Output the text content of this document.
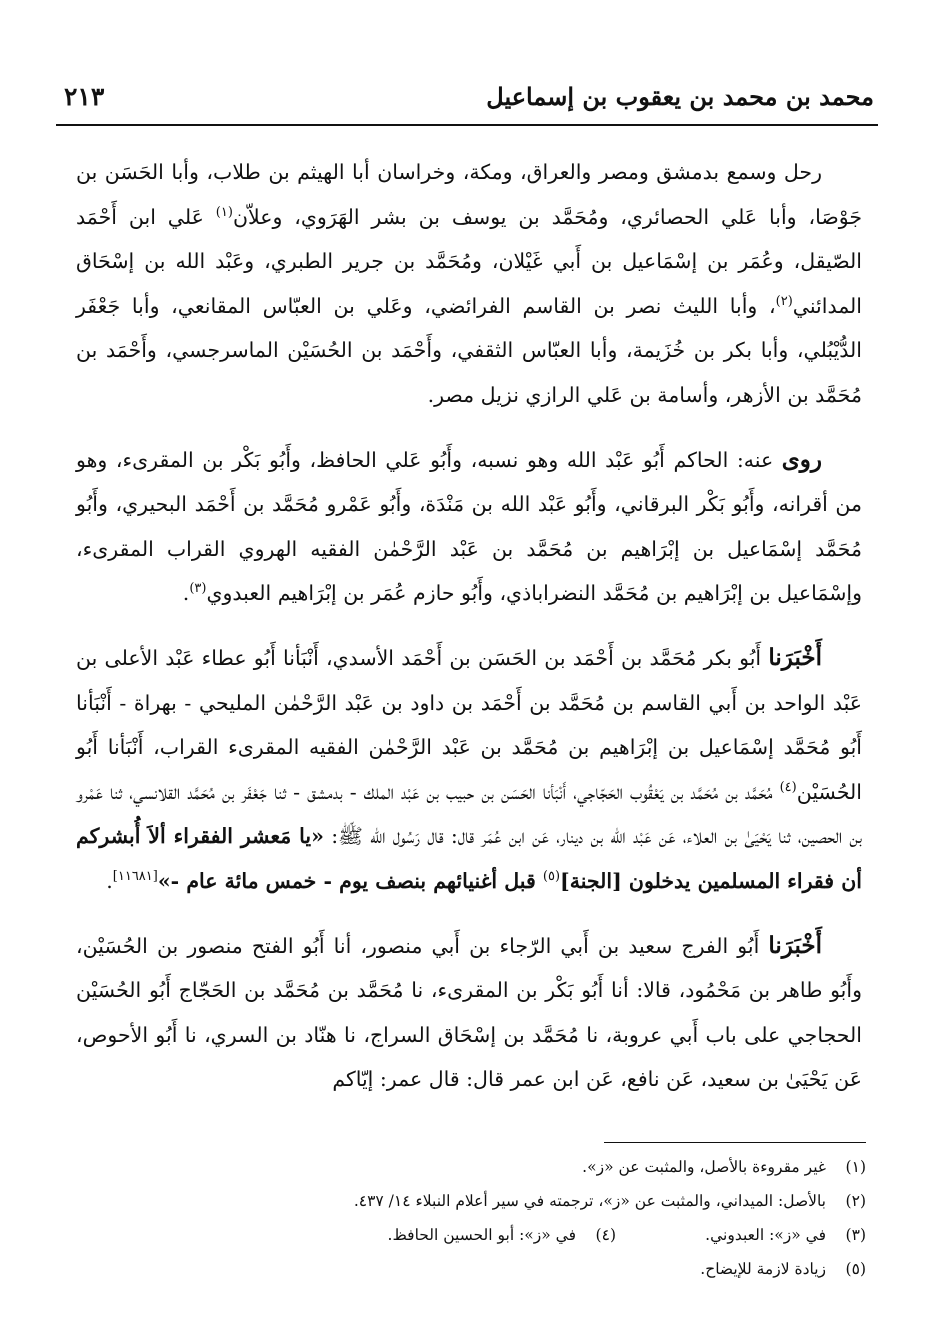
محمد بن محمد بن يعقوب بن إسماعيل
٢١٣

رحل وسمع بدمشق ومصر والعراق، ومكة، وخراسان أبا الهيثم بن طلاب، وأبا الحَسَن بن جَوْصَا، وأبا عَلي الحصائري، ومُحَمَّد بن يوسف بن بشر الهَرَوي، وعلاّن$^{(١)}$ عَلي ابن أَحْمَد الصّيقل، وعُمَر بن إسْمَاعيل بن أَبي غَيْلان، ومُحَمَّد بن جرير الطبري، وعَبْد الله بن إسْحَاق المدائني$^{(٢)}$، وأبا الليث نصر بن القاسم الفرائضي، وعَلي بن العبّاس المقانعي، وأبا جَعْفَر الدُّيْبُلي، وأبا بكر بن خُزَيمة، وأبا العبّاس الثقفي، وأَحْمَد بن الحُسَيْن الماسرجسي، وأَحْمَد بن مُحَمَّد بن الأزهر، وأسامة بن عَلي الرازي نزيل مصر.

روى عنه: الحاكم أَبُو عَبْد الله وهو نسبه، وأَبُو عَلي الحافظ، وأَبُو بَكْر بن المقرىء، وهو من أقرانه، وأَبُو بَكْر البرقاني، وأَبُو عَبْد الله بن مَنْدَة، وأَبُو عَمْرو مُحَمَّد بن أَحْمَد البحيري، وأَبُو مُحَمَّد إسْمَاعيل بن إبْرَاهيم بن مُحَمَّد بن عَبْد الرَّحْمٰن الفقيه الهروي القراب المقرىء، وإسْمَاعيل بن إبْرَاهيم بن مُحَمَّد النضراباذي، وأَبُو حازم عُمَر بن إبْرَاهيم العبدوي$^{(٣)}$.

أَخْبَرَنا أَبُو بكر مُحَمَّد بن أَحْمَد بن الحَسَن بن أَحْمَد الأسدي، أَنْبَأنا أَبُو عطاء عَبْد الأعلى بن عَبْد الواحد بن أَبي القاسم بن مُحَمَّد بن أَحْمَد بن داود بن عَبْد الرَّحْمٰن المليحي - بهراة - أَنْبَأنا أَبُو مُحَمَّد إسْمَاعيل بن إبْرَاهيم بن مُحَمَّد بن عَبْد الرَّحْمٰن الفقيه المقرىء القراب، أَنْبَأنا أَبُو الحُسَيْن$^{(٤)}$ مُحَمَّد بن مُحَمَّد بن يَعْقُوب الحَجّاجي، أَنْبَأنا الحَسَن بن حبيب بن عَبْد الملك - بدمشق - ثنا جَعْفَر بن مُحَمَّد القلانسي، ثنا عَمْرو بن الحصين، ثنا يَحْيَىٰ بن العلاء، عَن عَبْد الله بن دينار، عَن ابن عُمَر قال: قال رَسُول الله ﷺ: «يا مَعشر الفقراء ألاَ أُبشركم أن فقراء المسلمين يدخلون [الجنة]$^{(٥)}$ قبل أغنيائهم بنصف يوم - خمس مائة عام -»[١١٦٨١].

أَخْبَرَنا أَبُو الفرج سعيد بن أَبي الرّجاء بن أَبي منصور، أنا أَبُو الفتح منصور بن الحُسَيْن، وأَبُو طاهر بن مَحْمُود، قالا: أنا أَبُو بَكْر بن المقرىء، نا مُحَمَّد بن مُحَمَّد بن الحَجّاج أَبُو الحُسَيْن الحجاجي على باب أَبي عروبة، نا مُحَمَّد بن إسْحَاق السراج، نا هنّاد بن السري، نا أَبُو الأحوص، عَن يَحْيَىٰ بن سعيد، عَن نافع، عَن ابن عمر قال: قال عمر: إيّاكم

(١)
غير مقروءة بالأصل، والمثبت عن «ز».
(٢)
بالأصل: الميداني، والمثبت عن «ز»، ترجمته في سير أعلام النبلاء ١٤/ ٤٣٧.
(٣)
في «ز»: العبدوني.
(٤)
في «ز»: أبو الحسين الحافظ.
(٥)
زيادة لازمة للإيضاح.
